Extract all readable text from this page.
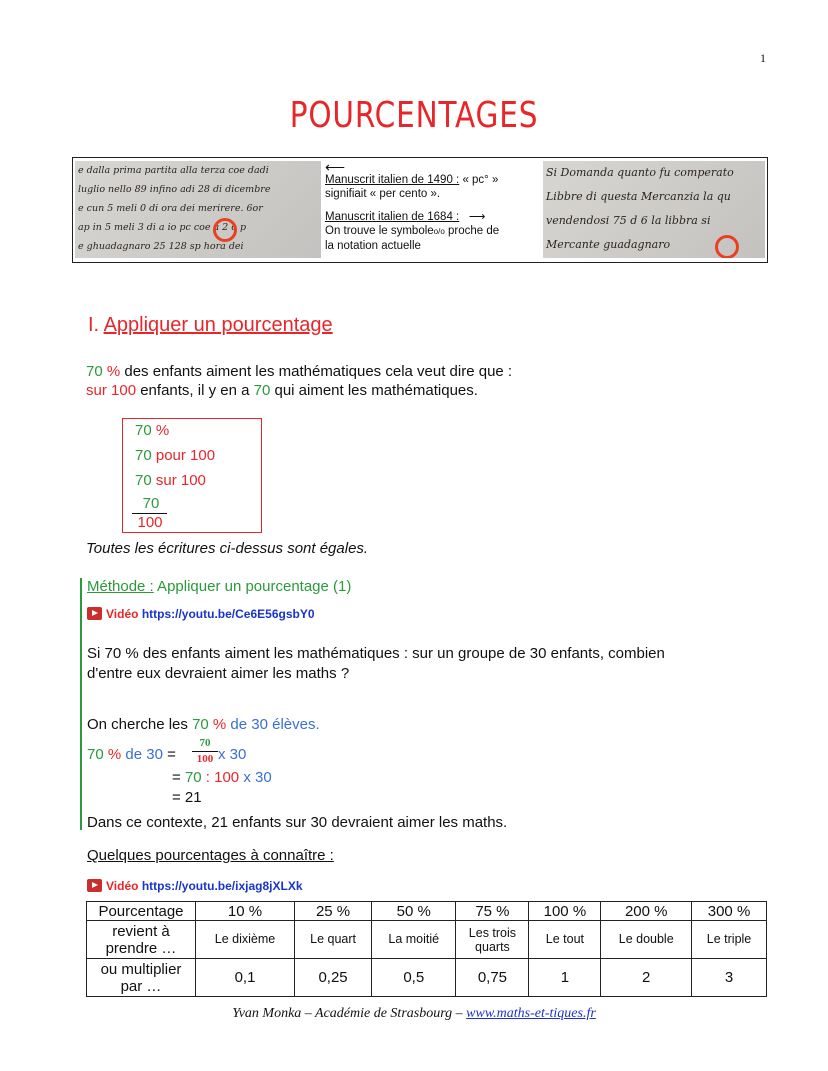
1
POURCENTAGES
e dalla prima partita alla terza coe dadi
luglio nello 89 infino adi 28 di dicembre
e cun 5 meli 0 di ora dei merirere. 6or
ap in 5 meli 3 di a io pc coe a 2 o p
e ghuadagnaro 25 128 sp hora dei
⟵
Manuscrit italien de 1490 : « pc° »
signifiait « per cento ».
Manuscrit italien de 1684 : ⟶
On trouve le symboleo/o proche de
la notation actuelle
Si Domanda quanto fu comperato
Libbre di questa Mercanzia la qu
vendendosi 75 d 6 la libbra si
Mercante guadagnaro
I. Appliquer un pourcentage
70 % des enfants aiment les mathématiques cela veut dire que :
sur 100 enfants, il y en a 70 qui aiment les mathématiques.
70 %
70 pour 100
70 sur 100
70
100
Toutes les écritures ci-dessus sont égales.
Méthode : Appliquer un pourcentage (1)
Vidéo https://youtu.be/Ce6E56gsbY0
Si 70 % des enfants aiment les mathématiques : sur un groupe de 30 enfants, combien
d'entre eux devraient aimer les maths ?
On cherche les 70 % de 30 élèves.
70 % de 30 =
70
100 x 30
= 70 : 100 x 30
= 21
Dans ce contexte, 21 enfants sur 30 devraient aimer les maths.
Quelques pourcentages à connaître :
Vidéo https://youtu.be/ixjag8jXLXk
Pourcentage	10 %	25 %	50 %	75 %	100 %	200 %	300 %
revient à prendre …	Le dixième	Le quart	La moitié	Les trois quarts	Le tout	Le double	Le triple
ou multiplier par …	0,1	0,25	0,5	0,75	1	2	3
Yvan Monka – Académie de Strasbourg – www.maths-et-tiques.fr
